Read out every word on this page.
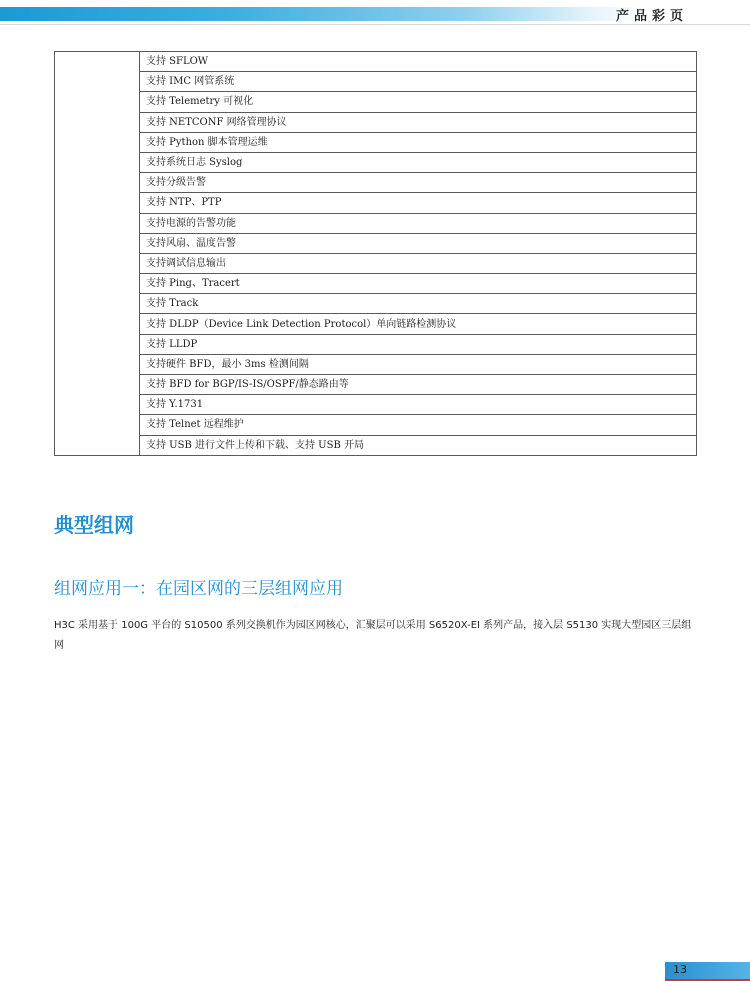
产品彩页
	支持 SFLOW
支持 IMC 网管系统
支持 Telemetry 可视化
支持 NETCONF 网络管理协议
支持 Python 脚本管理运维
支持系统日志 Syslog
支持分级告警
支持 NTP、PTP
支持电源的告警功能
支持风扇、温度告警
支持调试信息输出
支持 Ping、Tracert
支持 Track
支持 DLDP（Device Link Detection Protocol）单向链路检测协议
支持 LLDP
支持硬件 BFD，最小 3ms 检测间隔
支持 BFD for BGP/IS-IS/OSPF/静态路由等
支持 Y.1731
支持 Telnet 远程维护
支持 USB 进行文件上传和下载、支持 USB 开局
典型组网
组网应用一：在园区网的三层组网应用
H3C 采用基于 100G 平台的 S10500 系列交换机作为园区网核心，汇聚层可以采用 S6520X-EI 系列产品，接入层 S5130 实现大型园区三层组网
13
